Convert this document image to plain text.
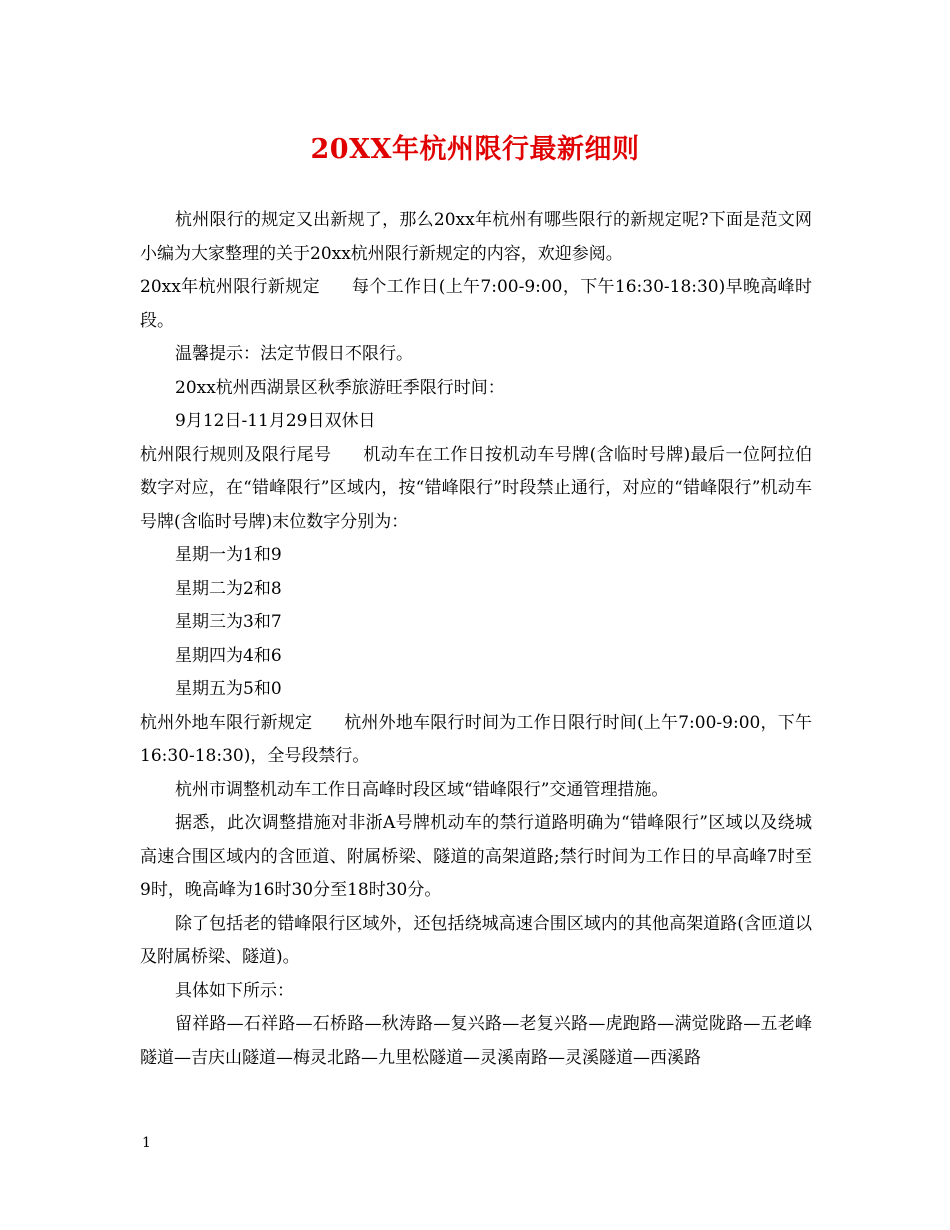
20XX年杭州限行最新细则

杭州限行的规定又出新规了，那么20xx年杭州有哪些限行的新规定呢?下面是范文网小编为大家整理的关于20xx杭州限行新规定的内容，欢迎参阅。

20xx年杭州限行新规定 每个工作日(上午7:00-9:00，下午16:30-18:30)早晚高峰时段。

温馨提示：法定节假日不限行。

20xx杭州西湖景区秋季旅游旺季限行时间：

9月12日-11月29日双休日

杭州限行规则及限行尾号 机动车在工作日按机动车号牌(含临时号牌)最后一位阿拉伯数字对应，在“错峰限行”区域内，按“错峰限行”时段禁止通行，对应的“错峰限行”机动车号牌(含临时号牌)末位数字分别为：

星期一为1和9

星期二为2和8

星期三为3和7

星期四为4和6

星期五为5和0

杭州外地车限行新规定 杭州外地车限行时间为工作日限行时间(上午7:00-9:00，下午16:30-18:30)，全号段禁行。

杭州市调整机动车工作日高峰时段区域“错峰限行”交通管理措施。

据悉，此次调整措施对非浙A号牌机动车的禁行道路明确为“错峰限行”区域以及绕城高速合围区域内的含匝道、附属桥梁、隧道的高架道路;禁行时间为工作日的早高峰7时至9时，晚高峰为16时30分至18时30分。

除了包括老的错峰限行区域外，还包括绕城高速合围区域内的其他高架道路(含匝道以及附属桥梁、隧道)。

具体如下所示：

留祥路—石祥路—石桥路—秋涛路—复兴路—老复兴路—虎跑路—满觉陇路—五老峰隧道—吉庆山隧道—梅灵北路—九里松隧道—灵溪南路—灵溪隧道—西溪路

1
